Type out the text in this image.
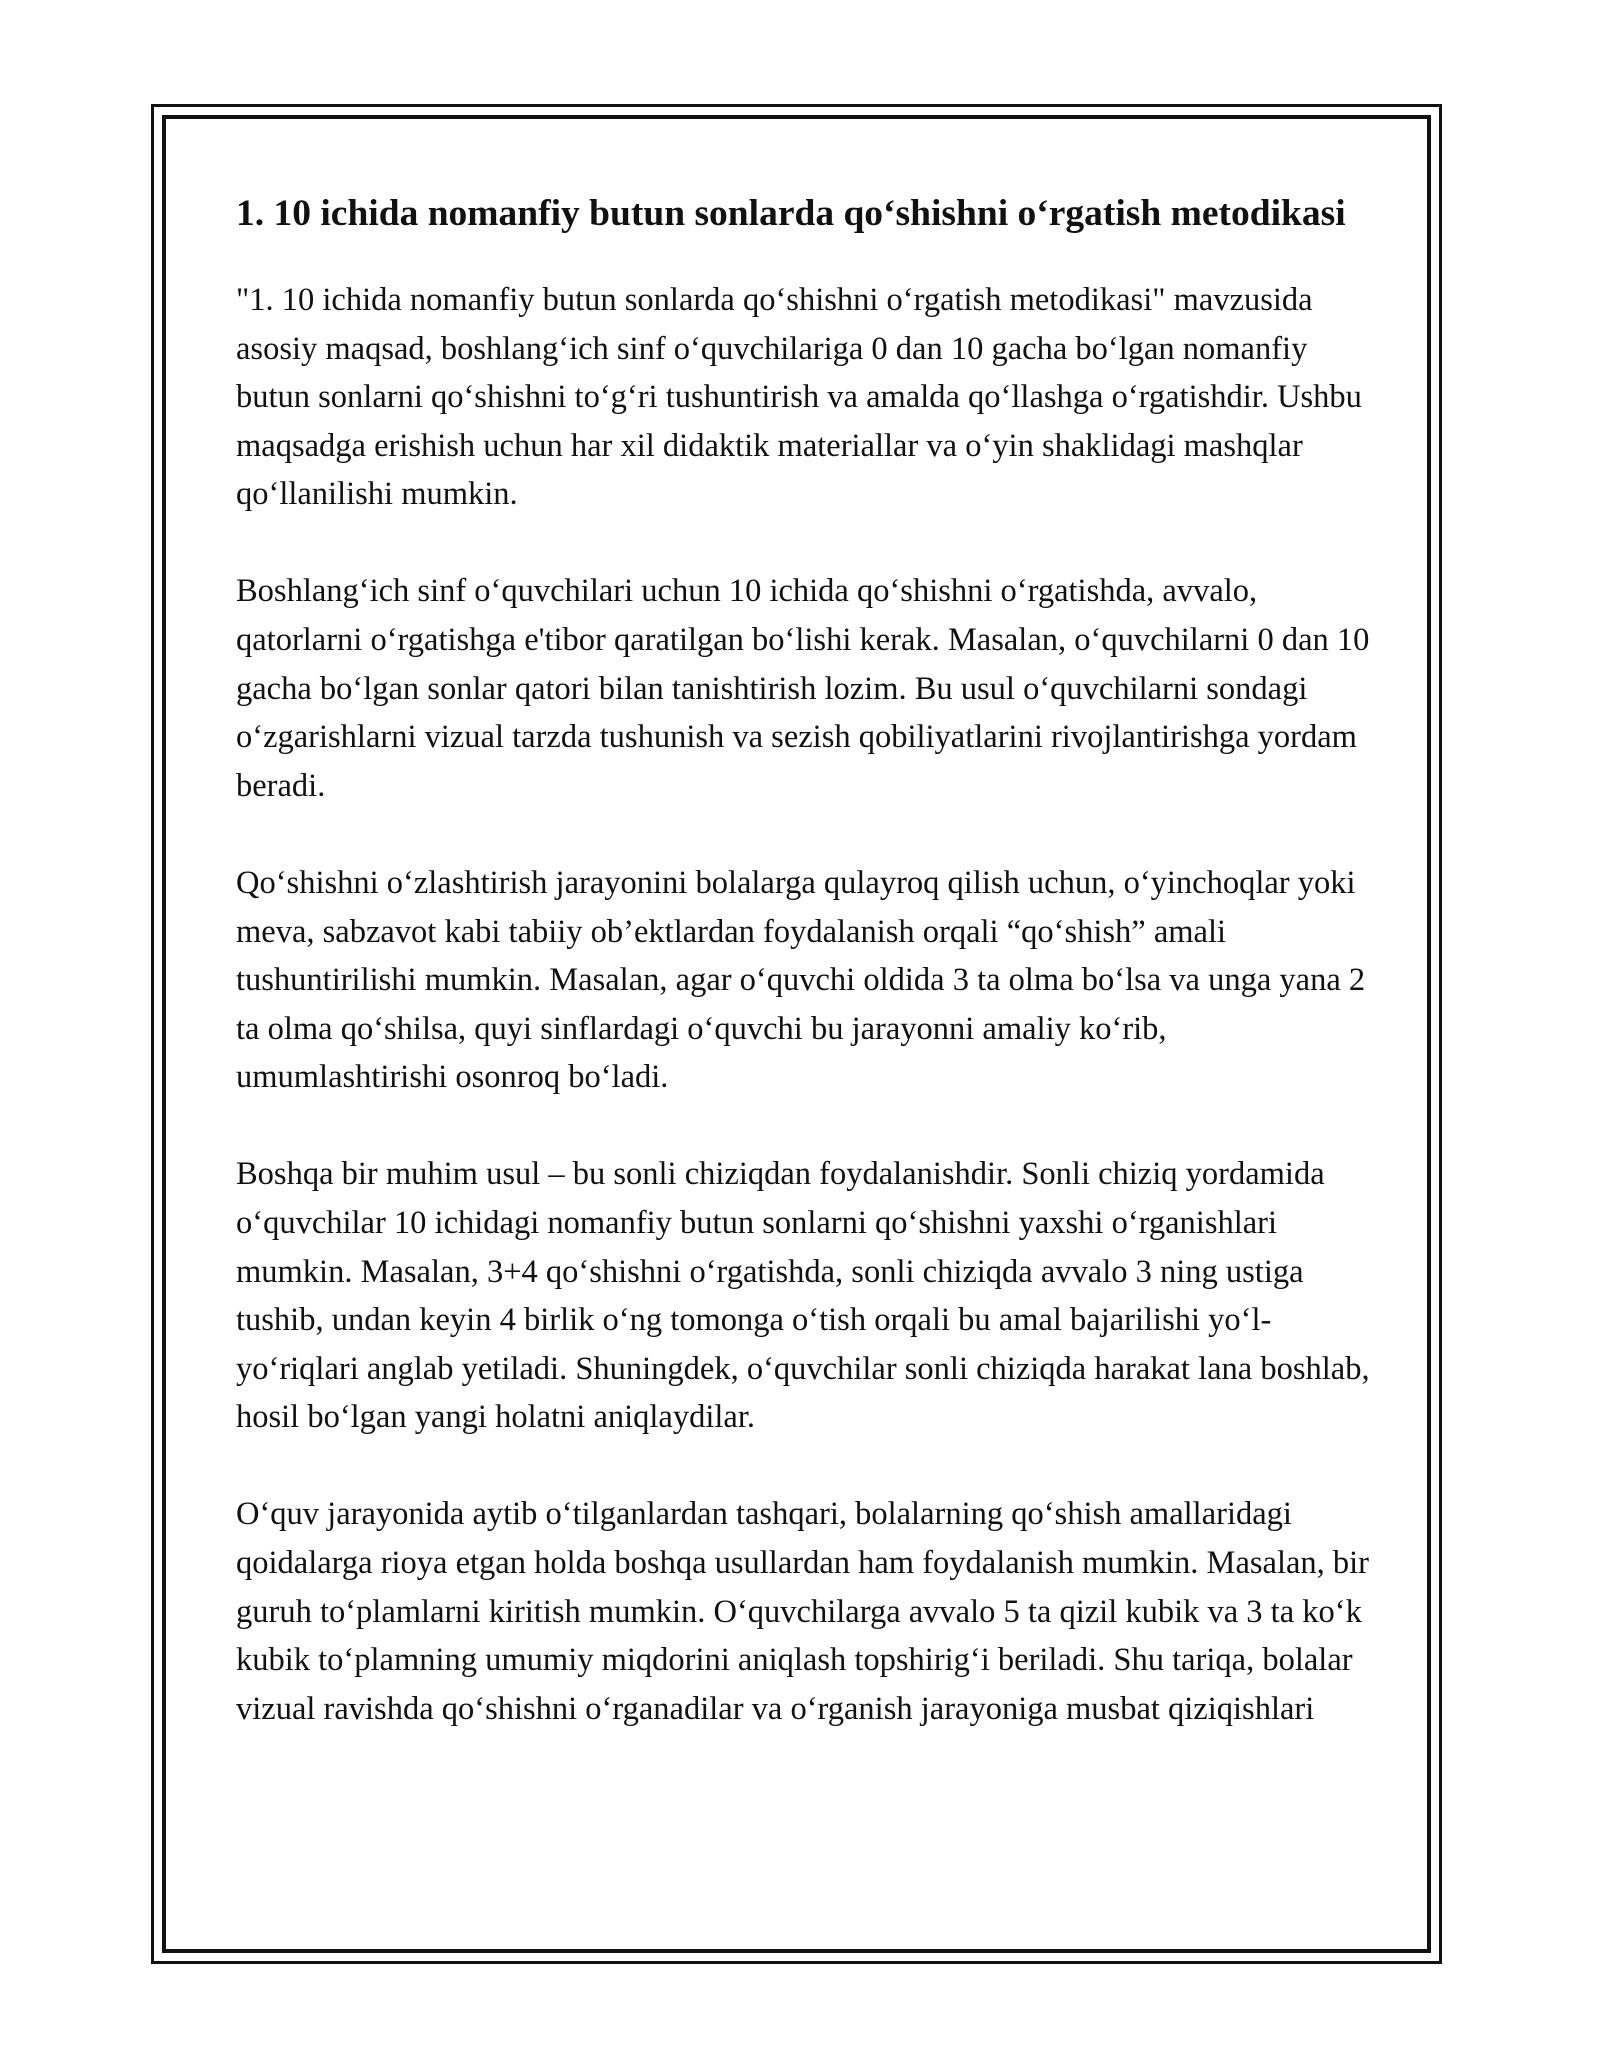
1. 10 ichida nomanfiy butun sonlarda qo‘shishni o‘rgatish metodikasi

"1. 10 ichida nomanfiy butun sonlarda qo‘shishni o‘rgatish metodikasi" mavzusida asosiy maqsad, boshlang‘ich sinf o‘quvchilariga 0 dan 10 gacha bo‘lgan nomanfiy butun sonlarni qo‘shishni to‘g‘ri tushuntirish va amalda qo‘llashga o‘rgatishdir. Ushbu maqsadga erishish uchun har xil didaktik materiallar va o‘yin shaklidagi mashqlar qo‘llanilishi mumkin.

Boshlang‘ich sinf o‘quvchilari uchun 10 ichida qo‘shishni o‘rgatishda, avvalo, qatorlarni o‘rgatishga e'tibor qaratilgan bo‘lishi kerak. Masalan, o‘quvchilarni 0 dan 10 gacha bo‘lgan sonlar qatori bilan tanishtirish lozim. Bu usul o‘quvchilarni sondagi o‘zgarishlarni vizual tarzda tushunish va sezish qobiliyatlarini rivojlantirishga yordam beradi.

Qo‘shishni o‘zlashtirish jarayonini bolalarga qulayroq qilish uchun, o‘yinchoqlar yoki meva, sabzavot kabi tabiiy ob’ektlardan foydalanish orqali “qo‘shish” amali tushuntirilishi mumkin. Masalan, agar o‘quvchi oldida 3 ta olma bo‘lsa va unga yana 2 ta olma qo‘shilsa, quyi sinflardagi o‘quvchi bu jarayonni amaliy ko‘rib, umumlashtirishi osonroq bo‘ladi.

Boshqa bir muhim usul – bu sonli chiziqdan foydalanishdir. Sonli chiziq yordamida o‘quvchilar 10 ichidagi nomanfiy butun sonlarni qo‘shishni yaxshi o‘rganishlari mumkin. Masalan, 3+4 qo‘shishni o‘rgatishda, sonli chiziqda avvalo 3 ning ustiga tushib, undan keyin 4 birlik o‘ng tomonga o‘tish orqali bu amal bajarilishi yo‘l-yo‘riqlari anglab yetiladi. Shuningdek, o‘quvchilar sonli chiziqda harakat lana boshlab, hosil bo‘lgan yangi holatni aniqlaydilar.

O‘quv jarayonida aytib o‘tilganlardan tashqari, bolalarning qo‘shish amallaridagi qoidalarga rioya etgan holda boshqa usullardan ham foydalanish mumkin. Masalan, bir guruh to‘plamlarni kiritish mumkin. O‘quvchilarga avvalo 5 ta qizil kubik va 3 ta ko‘k kubik to‘plamning umumiy miqdorini aniqlash topshirig‘i beriladi. Shu tariqa, bolalar vizual ravishda qo‘shishni o‘rganadilar va o‘rganish jarayoniga musbat qiziqishlari
